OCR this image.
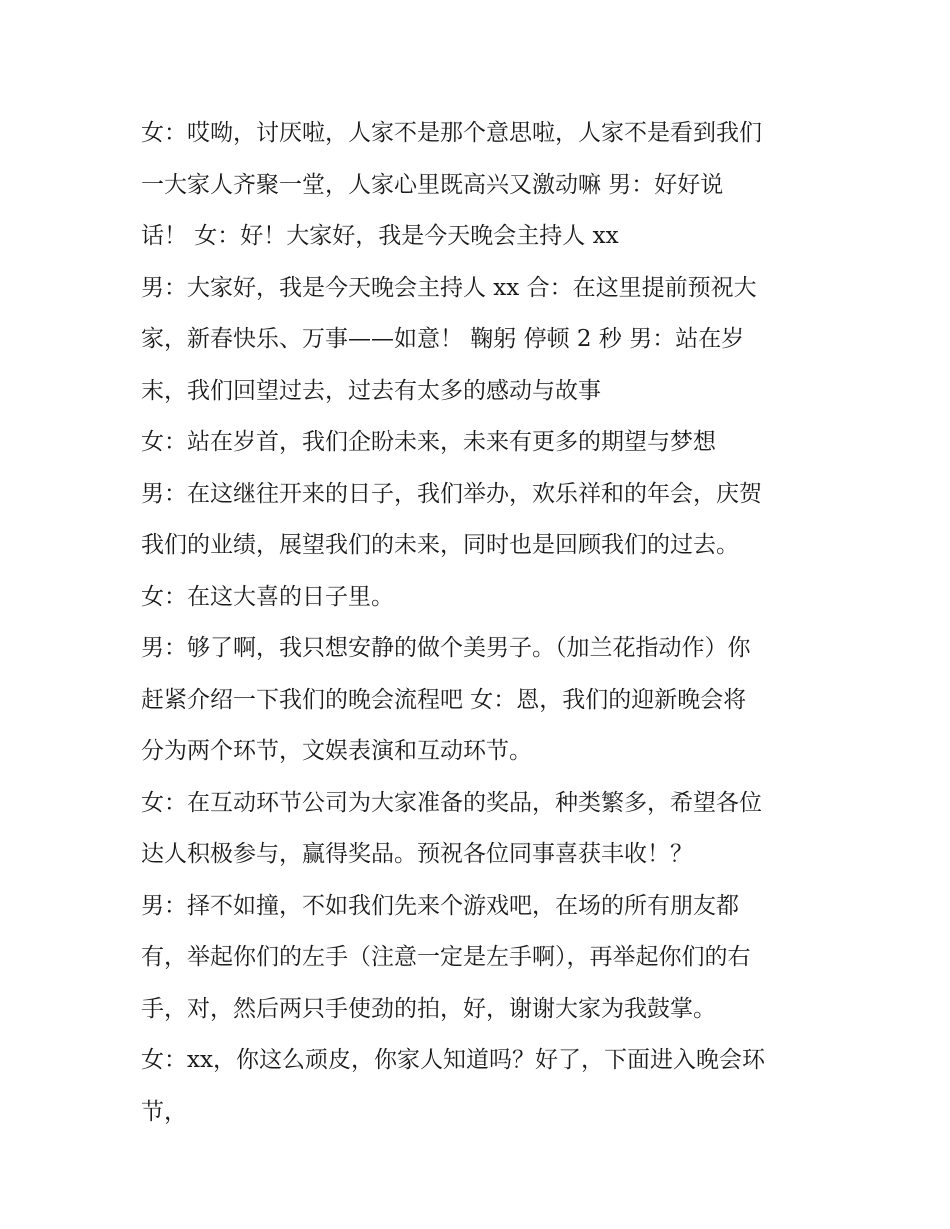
女：哎呦，讨厌啦，人家不是那个意思啦，人家不是看到我们
一大家人齐聚一堂，人家心里既高兴又激动嘛 男：好好说
话！ 女：好！大家好，我是今天晚会主持人 xx
男：大家好，我是今天晚会主持人 xx 合：在这里提前预祝大
家，新春快乐、万事——如意！ 鞠躬 停顿 2 秒 男：站在岁
末，我们回望过去，过去有太多的感动与故事
女：站在岁首，我们企盼未来，未来有更多的期望与梦想
男：在这继往开来的日子，我们举办，欢乐祥和的年会，庆贺
我们的业绩，展望我们的未来，同时也是回顾我们的过去。
女：在这大喜的日子里。
男：够了啊，我只想安静的做个美男子。（加兰花指动作）你
赶紧介绍一下我们的晚会流程吧 女：恩，我们的迎新晚会将
分为两个环节，文娱表演和互动环节。
女：在互动环节公司为大家准备的奖品，种类繁多，希望各位
达人积极参与，赢得奖品。预祝各位同事喜获丰收！？
男：择不如撞，不如我们先来个游戏吧，在场的所有朋友都
有，举起你们的左手（注意一定是左手啊），再举起你们的右
手，对，然后两只手使劲的拍，好，谢谢大家为我鼓掌。
女：xx，你这么顽皮，你家人知道吗？好了，下面进入晚会环
节，
